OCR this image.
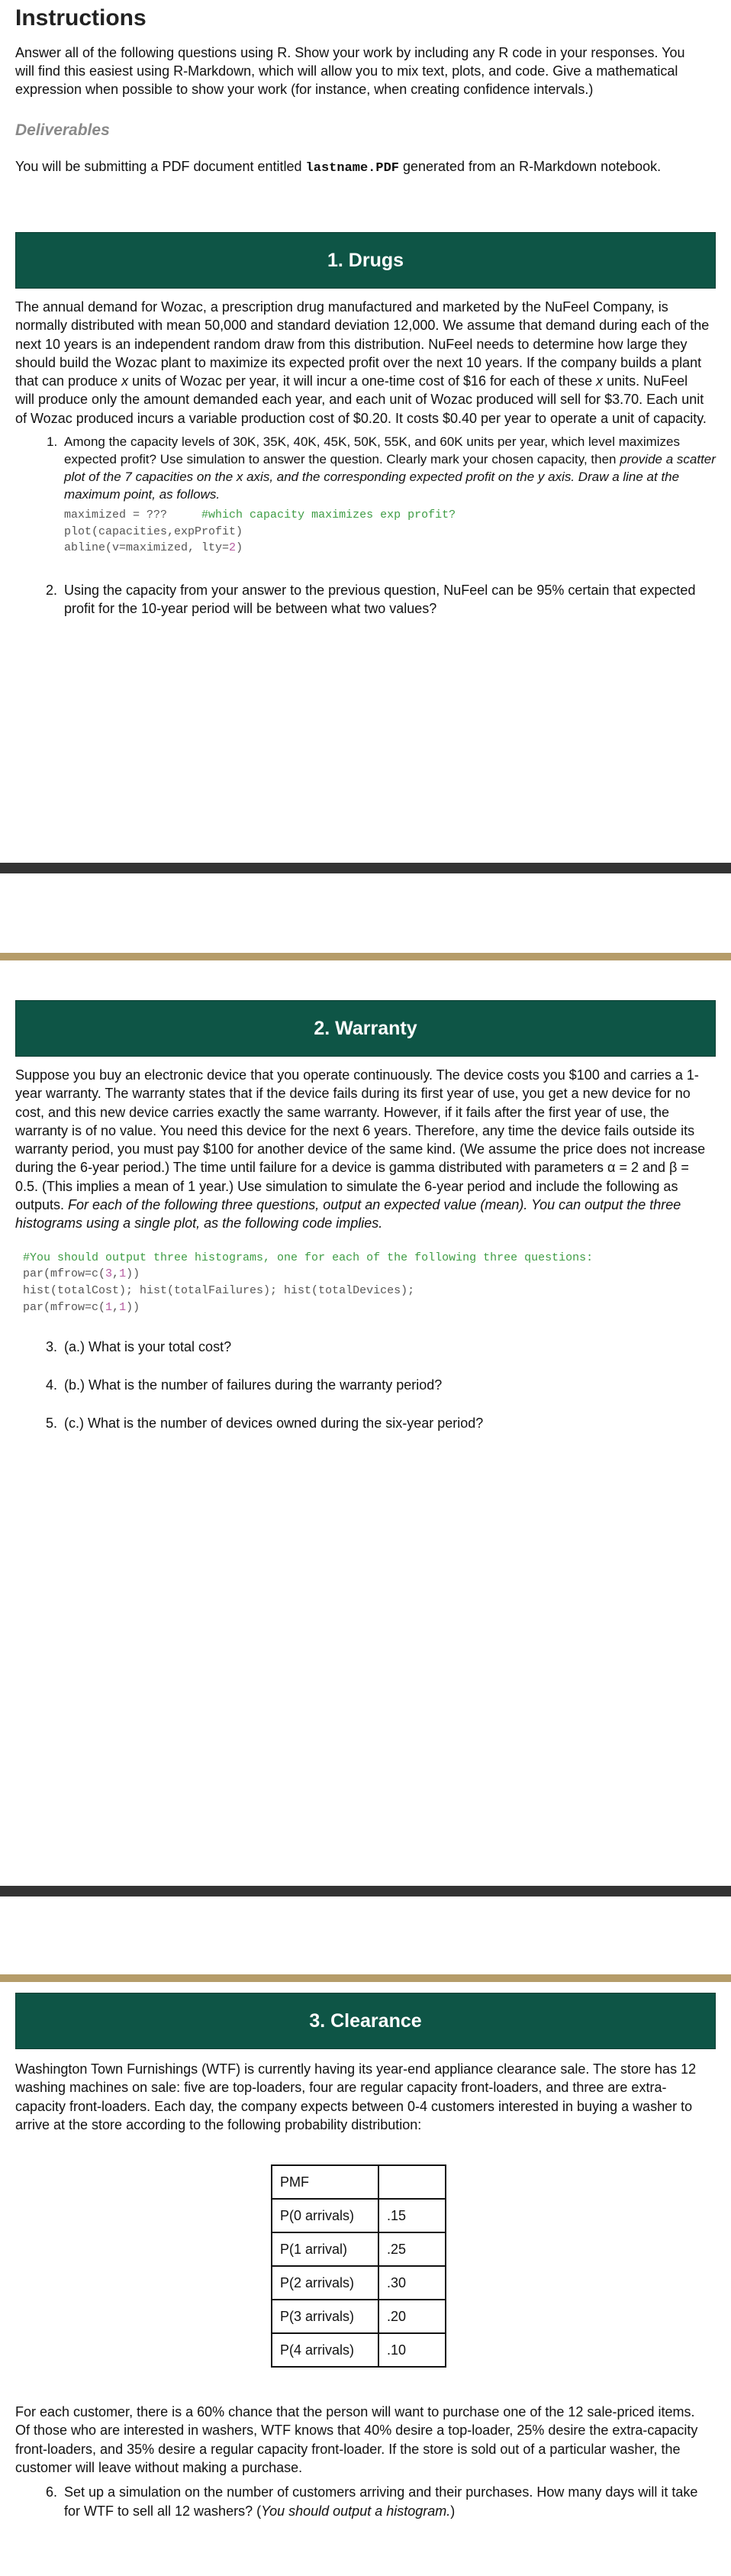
Instructions

Answer all of the following questions using R. Show your work by including any R code in your responses. You will find this easiest using R-Markdown, which will allow you to mix text, plots, and code. Give a mathematical expression when possible to show your work (for instance, when creating confidence intervals.)

Deliverables

You will be submitting a PDF document entitled lastname.PDF generated from an R-Markdown notebook.

1. Drugs

The annual demand for Wozac, a prescription drug manufactured and marketed by the NuFeel Company, is normally distributed with mean 50,000 and standard deviation 12,000. We assume that demand during each of the next 10 years is an independent random draw from this distribution. NuFeel needs to determine how large they should build the Wozac plant to maximize its expected profit over the next 10 years. If the company builds a plant that can produce x units of Wozac per year, it will incur a one-time cost of $16 for each of these x units. NuFeel will produce only the amount demanded each year, and each unit of Wozac produced will sell for $3.70. Each unit of Wozac produced incurs a variable production cost of $0.20. It costs $0.40 per year to operate a unit of capacity.

1. Among the capacity levels of 30K, 35K, 40K, 45K, 50K, 55K, and 60K units per year, which level maximizes expected profit? Use simulation to answer the question. Clearly mark your chosen capacity, then provide a scatter plot of the 7 capacities on the x axis, and the corresponding expected profit on the y axis. Draw a line at the maximum point, as follows.
maximized = ???	#which capacity maximizes exp profit?
plot(capacities,expProfit)
abline(v=maximized, lty=2)
2. Using the capacity from your answer to the previous question, NuFeel can be 95% certain that expected profit for the 10-year period will be between what two values?
2. Warranty

Suppose you buy an electronic device that you operate continuously. The device costs you $100 and carries a 1-year warranty. The warranty states that if the device fails during its first year of use, you get a new device for no cost, and this new device carries exactly the same warranty. However, if it fails after the first year of use, the warranty is of no value. You need this device for the next 6 years. Therefore, any time the device fails outside its warranty period, you must pay $100 for another device of the same kind. (We assume the price does not increase during the 6-year period.) The time until failure for a device is gamma distributed with parameters α = 2 and β = 0.5. (This implies a mean of 1 year.) Use simulation to simulate the 6-year period and include the following as outputs. For each of the following three questions, output an expected value (mean). You can output the three histograms using a single plot, as the following code implies.

#You should output three histograms, one for each of the following three questions:
par(mfrow=c(3,1))
hist(totalCost); hist(totalFailures); hist(totalDevices);
par(mfrow=c(1,1))
3. (a.) What is your total cost?
4. (b.) What is the number of failures during the warranty period?
5. (c.) What is the number of devices owned during the six-year period?
3. Clearance

Washington Town Furnishings (WTF) is currently having its year-end appliance clearance sale. The store has 12 washing machines on sale: five are top-loaders, four are regular capacity front-loaders, and three are extra-capacity front-loaders. Each day, the company expects between 0-4 customers interested in buying a washer to arrive at the store according to the following probability distribution:

PMF	
P(0 arrivals)	.15
P(1 arrival)	.25
P(2 arrivals)	.30
P(3 arrivals)	.20
P(4 arrivals)	.10

For each customer, there is a 60% chance that the person will want to purchase one of the 12 sale-priced items. Of those who are interested in washers, WTF knows that 40% desire a top-loader, 25% desire the extra-capacity front-loaders, and 35% desire a regular capacity front-loader. If the store is sold out of a particular washer, the customer will leave without making a purchase.

6. Set up a simulation on the number of customers arriving and their purchases. How many days will it take for WTF to sell all 12 washers? (You should output a histogram.)
